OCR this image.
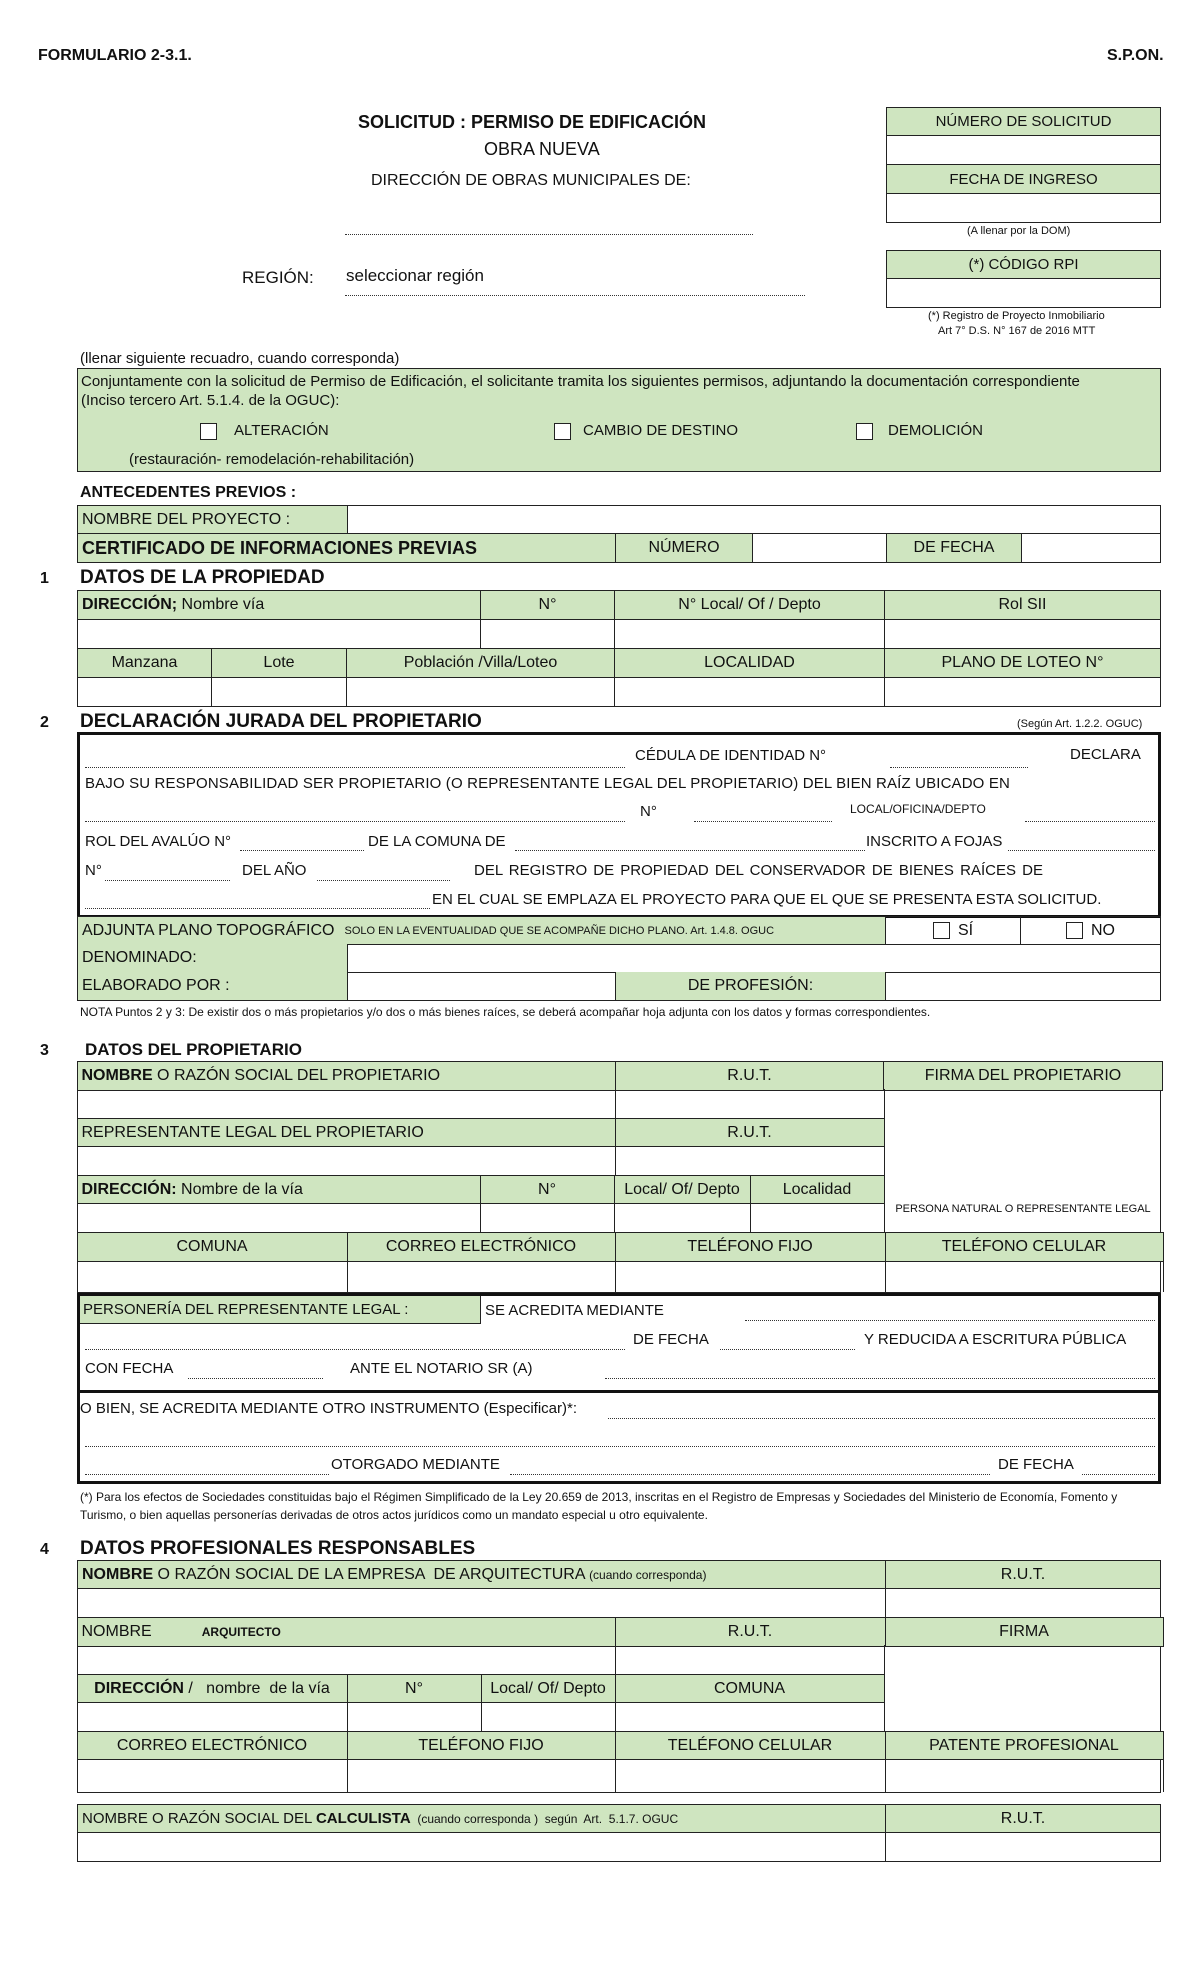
FORMULARIO 2-3.1.	S.P.ON.
SOLICITUD : PERMISO DE EDIFICACIÓN
OBRA NUEVA
DIRECCIÓN DE OBRAS MUNICIPALES DE:
REGIÓN: seleccionar región
NÚMERO DE SOLICITUD
FECHA DE INGRESO
(A llenar por la DOM)
(*) CÓDIGO RPI
(*) Registro de Proyecto Inmobiliario
Art 7° D.S. N° 167 de 2016 MTT
(llenar siguiente recuadro, cuando corresponda)
Conjuntamente con la solicitud de Permiso de Edificación, el solicitante tramita los siguientes permisos, adjuntando la documentación correspondiente
(Inciso tercero Art. 5.1.4. de la OGUC):
ALTERACIÓN
(restauración- remodelación-rehabilitación)
CAMBIO DE DESTINO	DEMOLICIÓN
ANTECEDENTES PREVIOS :
NOMBRE DEL PROYECTO :
CERTIFICADO DE INFORMACIONES PREVIAS	NÚMERO	DE FECHA
1 DATOS DE LA PROPIEDAD
DIRECCIÓN; Nombre vía	N°	N° Local/ Of / Depto	Rol SII
Manzana	Lote	Población /Villa/Loteo	LOCALIDAD	PLANO DE LOTEO N°
2 DECLARACIÓN JURADA DEL PROPIETARIO	(Según Art. 1.2.2. OGUC)
CÉDULA DE IDENTIDAD N°	DECLARA
BAJO SU RESPONSABILIDAD SER PROPIETARIO (O REPRESENTANTE LEGAL DEL PROPIETARIO) DEL BIEN RAÍZ UBICADO EN
N°	LOCAL/OFICINA/DEPTO
ROL DEL AVALÚO N°	DE LA COMUNA DE	INSCRITO A FOJAS
N°	DEL AÑO	DEL REGISTRO DE PROPIEDAD DEL CONSERVADOR DE BIENES RAÍCES DE
EN EL CUAL SE EMPLAZA EL PROYECTO PARA QUE EL QUE SE PRESENTA ESTA SOLICITUD.
ADJUNTA PLANO TOPOGRÁFICO SOLO EN LA EVENTUALIDAD QUE SE ACOMPAÑE DICHO PLANO. Art. 1.4.8. OGUC	SÍ	NO
DENOMINADO:
ELABORADO POR :	DE PROFESIÓN:
NOTA Puntos 2 y 3: De existir dos o más propietarios y/o dos o más bienes raíces, se deberá acompañar hoja adjunta con los datos y formas correspondientes.
3 DATOS DEL PROPIETARIO
NOMBRE O RAZÓN SOCIAL DEL PROPIETARIO	R.U.T.	FIRMA DEL PROPIETARIO
REPRESENTANTE LEGAL DEL PROPIETARIO	R.U.T.
DIRECCIÓN: Nombre de la vía	N°	Local/ Of/ Depto	Localidad
PERSONA NATURAL O REPRESENTANTE LEGAL
COMUNA	CORREO ELECTRÓNICO	TELÉFONO FIJO	TELÉFONO CELULAR
PERSONERÍA DEL REPRESENTANTE LEGAL :	SE ACREDITA MEDIANTE
DE FECHA	Y REDUCIDA A ESCRITURA PÚBLICA
CON FECHA	ANTE EL NOTARIO SR (A)
O BIEN, SE ACREDITA MEDIANTE OTRO INSTRUMENTO (Especificar)*:
OTORGADO MEDIANTE	DE FECHA
(*) Para los efectos de Sociedades constituidas bajo el Régimen Simplificado de la Ley 20.659 de 2013, inscritas en el Registro de Empresas y Sociedades del Ministerio de Economía, Fomento y
Turismo, o bien aquellas personerías derivadas de otros actos jurídicos como un mandato especial u otro equivalente.
4 DATOS PROFESIONALES RESPONSABLES
NOMBRE O RAZÓN SOCIAL DE LA EMPRESA  DE ARQUITECTURA (cuando corresponda)	R.U.T.
NOMBRE	ARQUITECTO	R.U.T.	FIRMA
DIRECCIÓN /   nombre  de la vía	N°	Local/ Of/ Depto	COMUNA
CORREO ELECTRÓNICO	TELÉFONO FIJO	TELÉFONO CELULAR	PATENTE PROFESIONAL
NOMBRE O RAZÓN SOCIAL DEL CALCULISTA (cuando corresponda )  según  Art.  5.1.7. OGUC	R.U.T.
